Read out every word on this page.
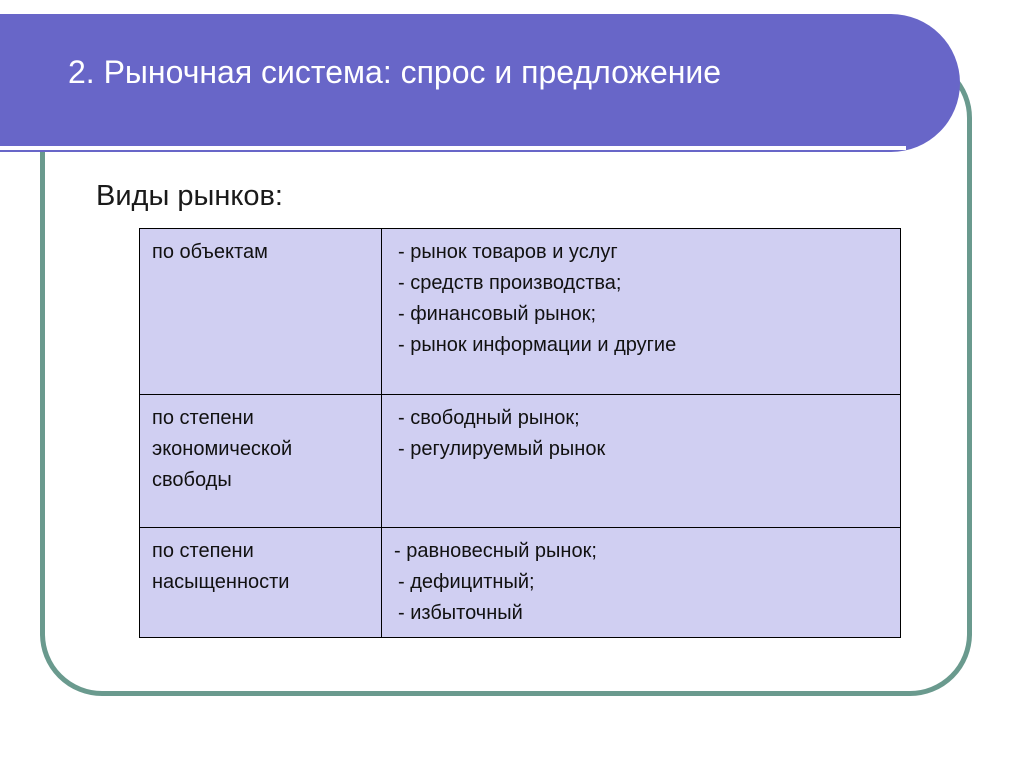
2. Рыночная система: спрос и предложение
Виды рынков:
по объектам	- рынок товаров и услуг
- средств производства;
- финансовый рынок;
- рынок информации и другие

по степени
экономической
свободы	- свободный рынок;
- регулируемый рынок

по степени
насыщенности	- равновесный рынок;
- дефицитный;
- избыточный
